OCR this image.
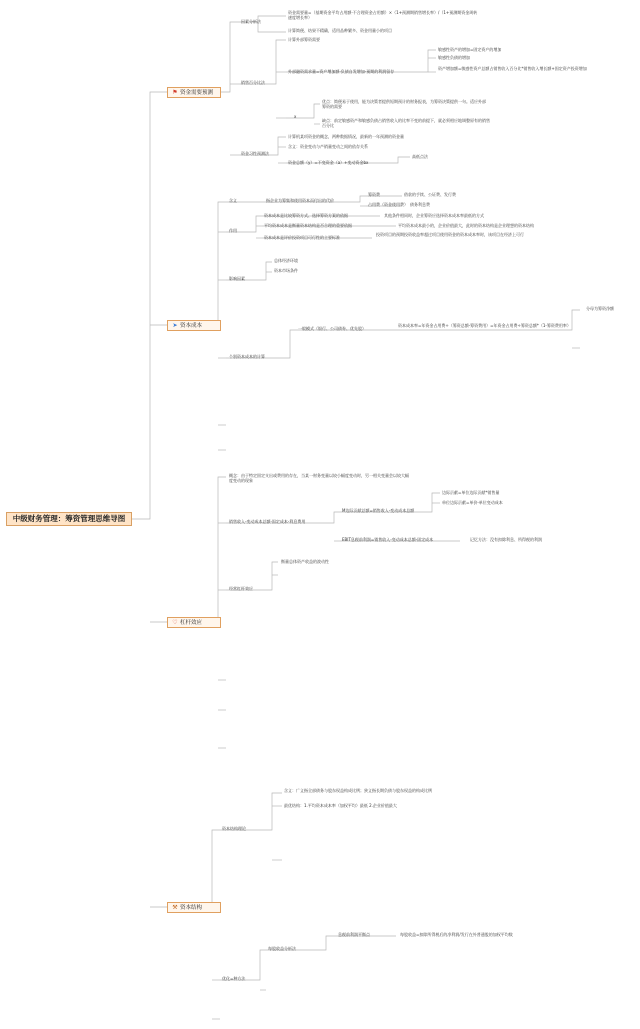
中级财务管理：筹资管理思维导图
⚑ 资金需要预测
因素分析法
资金需要量=（基期资金平均占用额-不合理资金占用额）×（1+预测期销售增长率）/（1+预测期资金周转速度增长率）
计算简便、结果不精确，适用品种繁多、资金用量小的项目
销售百分比法
计算外部筹资需要
外部融资需求量=资产增加额-负债自发增加-预期的利润留存
敏感性资产的增加=固定资产的增加
敏感性负债的增加
资产增加额=敏感性资产总额占销售收入百分比*销售收入增长额+固定资产投资增加
x
优点：简便易于使用，能为决策者提供短期预计的财务报表，为筹资决策提供一句。适应外部筹资的需要
缺点：前定敏感资产和敏感负债占销售收入的比率不变的前提下，就必须相应地调整原有的销售百分比
资金习性预测法
计算机某项资金的概念，两种数据情况，最新的一年预测的资金量
含义：资金变动与产销量变动之间的依存关系
资金总额（y）=不变资金（a）+变动资金bx
高低点法
➤ 资本成本
含义	指企业为筹集和使用资本而付出的代价
筹资费	借款的手续、公证费、发行费
占用费（资金使用费） 债务利息费
作用
资本成本是比较筹资方式、选择筹资方案的依据	其他条件相同时，企业筹资应选择资本成本率最低的方式
平均资本成本是衡量资本结构是否合理的重要依据	平均资本成本最小的，企业价值最大，此时的资本结构是企业理想的资本结构
资本成本是评价投资项目可行性的主要标准
投资项目的预期投资收益率超过项目使用资金的资本成本率时，该项目在经济上可行
影响因素
总体经济环境
资本市场条件
个别资本成本的计算
一般模式（银行、公司债券、优先股）
资本成本率=年资金占用费÷（筹资总额-筹资费用）=年资金占用费÷筹资总额*（1-筹资费用率）
分母为筹资净额
♡ 杠杆效应
概念：由于特定固定支出或费用的存在，当某一财务变量以较小幅度变动时，另一相关变量会以较大幅度变动的现象
销售收入-变动成本总额-固定成本-利息费用
M边际贡献总额=销售收入-变动成本总额
边际贡献=单位边际贡献*销售量
单位边际贡献=单价-单位变动成本
EBIT息税前利润=销售收入-变动成本总额-固定成本	记忆方法：没有扣除利息、所得税的利润
经营杠杆效应
衡量总体资产收益的波动性
⚒ 资本结构
资本结构理论
含义：广义指全部债务与股东权益构成比例；狭义指长期负债与股东权益的构成比例
最优结构：1.平均资本成本率（加权平均）最低 2.企业价值最大
优化=种方法
每股收益分析法
息税前利润平衡点	每股收益=扣除所得税后的净利润/发行在外普通股的加权平均数
